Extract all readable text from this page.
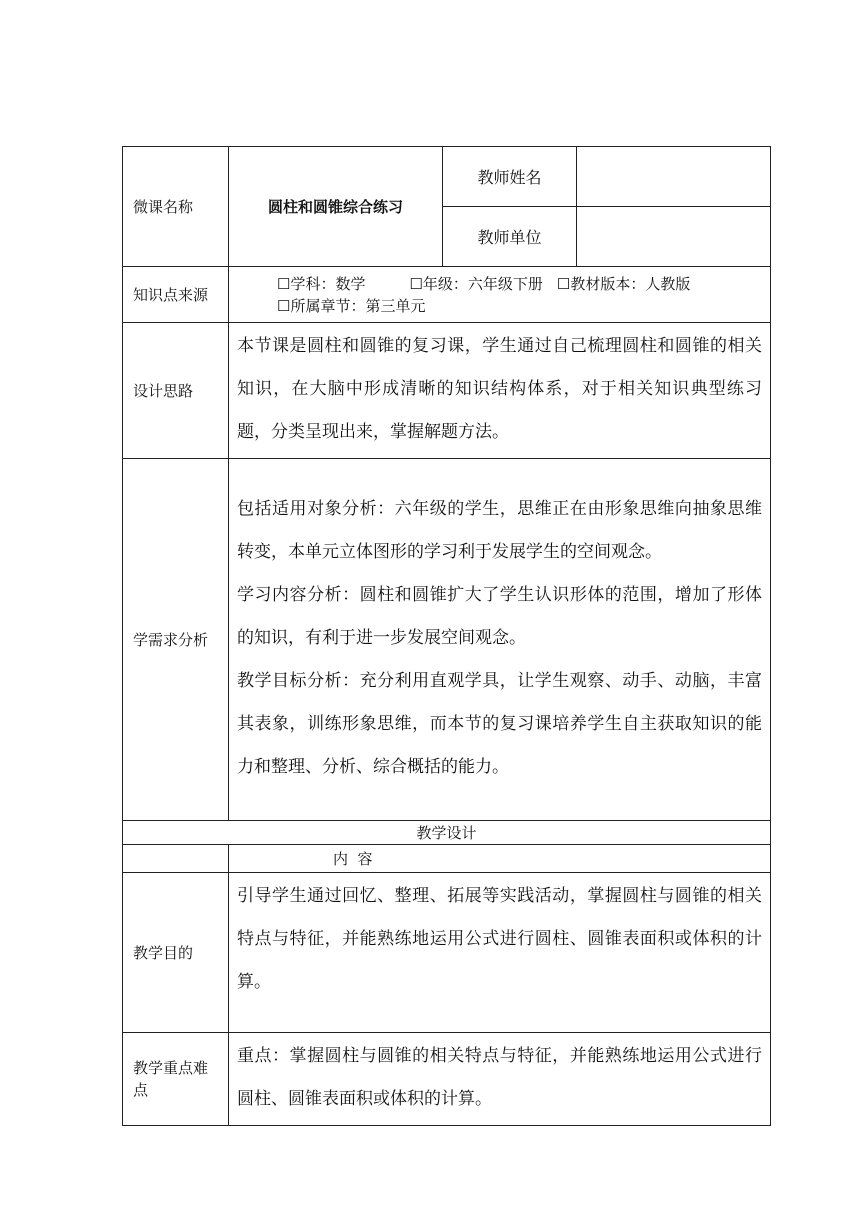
微课名称	圆柱和圆锥综合练习	教师姓名	
		教师单位	
知识点来源	☐学科：数学 ☐年级：六年级下册 ☐教材版本：人教版
☐所属章节：第三单元		
设计思路	本节课是圆柱和圆锥的复习课，学生通过自己梳理圆柱和圆锥的相关知识，在大脑中形成清晰的知识结构体系，对于相关知识典型练习题，分类呈现出来，掌握解题方法。		
学需求分析	包括适用对象分析：六年级的学生，思维正在由形象思维向抽象思维转变，本单元立体图形的学习利于发展学生的空间观念。

学习内容分析：圆柱和圆锥扩大了学生认识形体的范围，增加了形体的知识，有利于进一步发展空间观念。

教学目标分析：充分利用直观学具，让学生观察、动手、动脑，丰富其表象，训练形象思维，而本节的复习课培养学生自主获取知识的能力和整理、分析、综合概括的能力。		

教学设计			
	内  容		
教学目的	引导学生通过回忆、整理、拓展等实践活动，掌握圆柱与圆锥的相关特点与特征，并能熟练地运用公式进行圆柱、圆锥表面积或体积的计算。		
教学重点难点	重点：掌握圆柱与圆锥的相关特点与特征，并能熟练地运用公式进行圆柱、圆锥表面积或体积的计算。		
